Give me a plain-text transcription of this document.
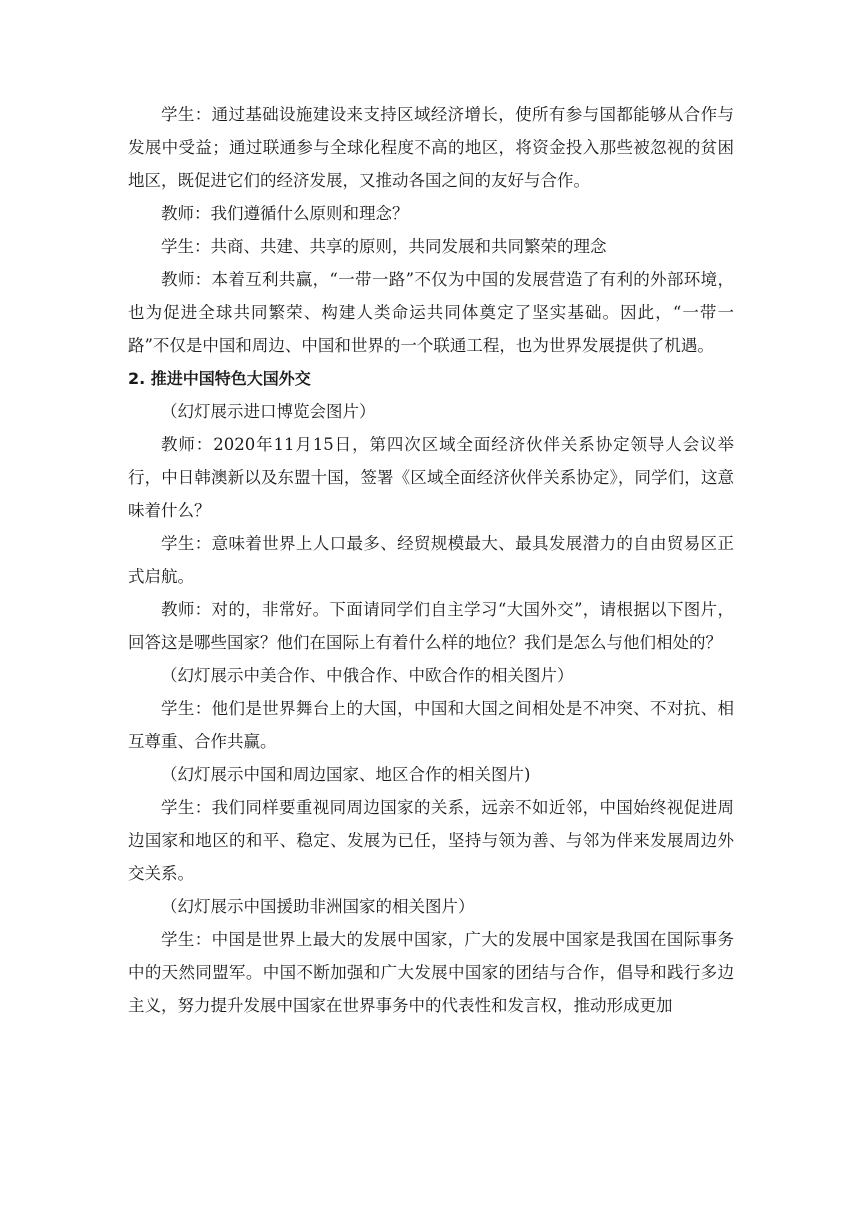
学生：通过基础设施建设来支持区域经济增长，使所有参与国都能够从合作与发展中受益；通过联通参与全球化程度不高的地区，将资金投入那些被忽视的贫困地区，既促进它们的经济发展，又推动各国之间的友好与合作。

教师：我们遵循什么原则和理念？

学生：共商、共建、共享的原则，共同发展和共同繁荣的理念

教师：本着互利共赢，“一带一路”不仅为中国的发展营造了有利的外部环境，也为促进全球共同繁荣、构建人类命运共同体奠定了坚实基础。因此，“一带一路”不仅是中国和周边、中国和世界的一个联通工程，也为世界发展提供了机遇。

2. 推进中国特色大国外交

（幻灯展示进口博览会图片）

教师：2020年11月15日，第四次区域全面经济伙伴关系协定领导人会议举行，中日韩澳新以及东盟十国，签署《区域全面经济伙伴关系协定》，同学们，这意味着什么？

学生：意味着世界上人口最多、经贸规模最大、最具发展潜力的自由贸易区正式启航。

教师：对的，非常好。下面请同学们自主学习“大国外交”，请根据以下图片，回答这是哪些国家？他们在国际上有着什么样的地位？我们是怎么与他们相处的？

（幻灯展示中美合作、中俄合作、中欧合作的相关图片）

学生：他们是世界舞台上的大国，中国和大国之间相处是不冲突、不对抗、相互尊重、合作共赢。

（幻灯展示中国和周边国家、地区合作的相关图片)

学生：我们同样要重视同周边国家的关系，远亲不如近邻，中国始终视促进周边国家和地区的和平、稳定、发展为已任，坚持与领为善、与邻为伴来发展周边外交关系。

（幻灯展示中国援助非洲国家的相关图片）

学生：中国是世界上最大的发展中国家，广大的发展中国家是我国在国际事务中的天然同盟军。中国不断加强和广大发展中国家的团结与合作，倡导和践行多边主义，努力提升发展中国家在世界事务中的代表性和发言权，推动形成更加
